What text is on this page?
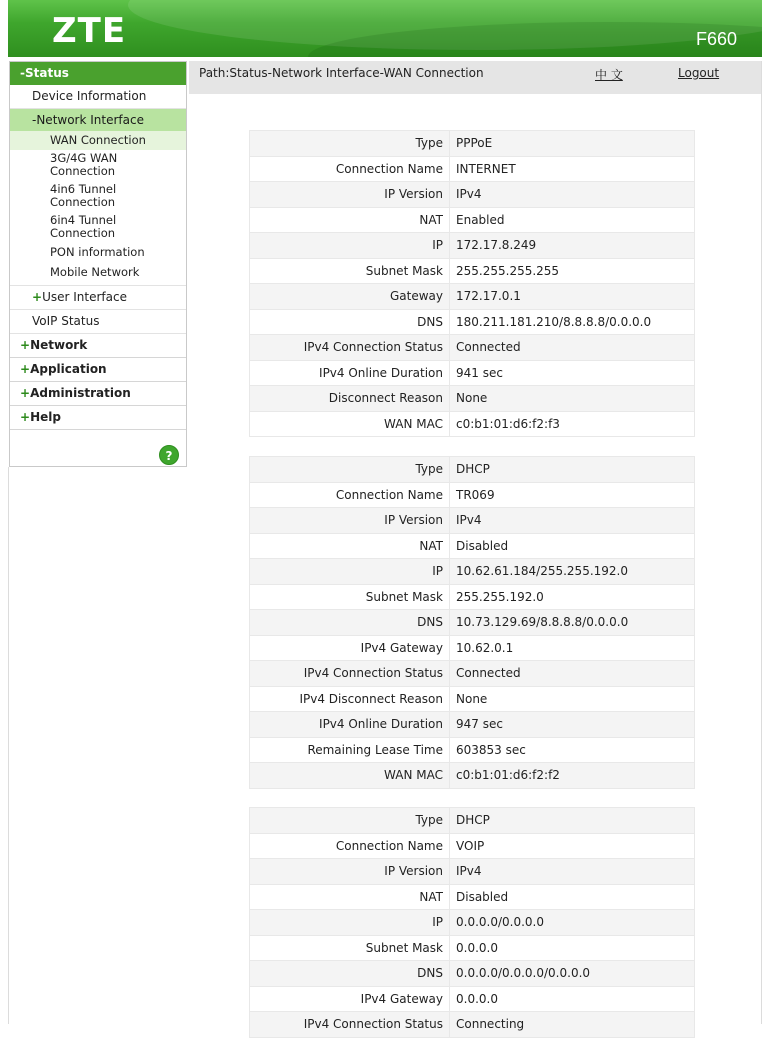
ZTE	F660
-Status
Device Information
-Network Interface
WAN Connection
3G/4G WAN Connection
4in6 Tunnel Connection
6in4 Tunnel Connection
PON information
Mobile Network
+User Interface
VoIP Status
+Network
+Application
+Administration
+Help
?
Path:Status-Network Interface-WAN Connection	中 文	Logout
Type	PPPoE
Connection Name	INTERNET
IP Version	IPv4
NAT	Enabled
IP	172.17.8.249
Subnet Mask	255.255.255.255
Gateway	172.17.0.1
DNS	180.211.181.210/8.8.8.8/0.0.0.0
IPv4 Connection Status	Connected
IPv4 Online Duration	941 sec
Disconnect Reason	None
WAN MAC	c0:b1:01:d6:f2:f3
Type	DHCP
Connection Name	TR069
IP Version	IPv4
NAT	Disabled
IP	10.62.61.184/255.255.192.0
Subnet Mask	255.255.192.0
DNS	10.73.129.69/8.8.8.8/0.0.0.0
IPv4 Gateway	10.62.0.1
IPv4 Connection Status	Connected
IPv4 Disconnect Reason	None
IPv4 Online Duration	947 sec
Remaining Lease Time	603853 sec
WAN MAC	c0:b1:01:d6:f2:f2
Type	DHCP
Connection Name	VOIP
IP Version	IPv4
NAT	Disabled
IP	0.0.0.0/0.0.0.0
Subnet Mask	0.0.0.0
DNS	0.0.0.0/0.0.0.0/0.0.0.0
IPv4 Gateway	0.0.0.0
IPv4 Connection Status	Connecting
